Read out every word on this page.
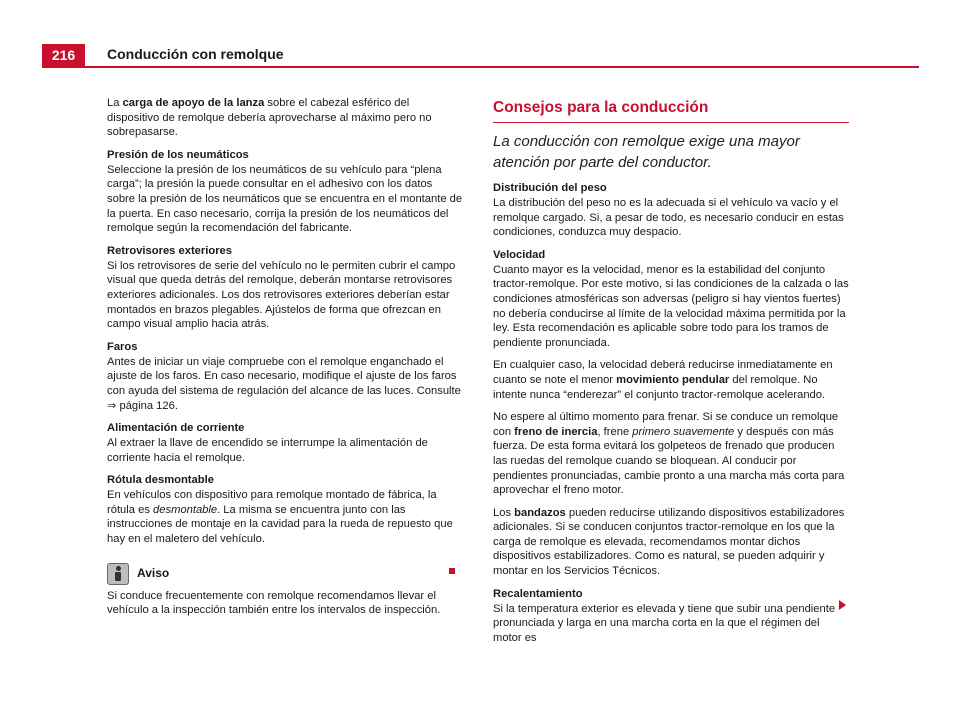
216	Conducción con remolque

La carga de apoyo de la lanza sobre el cabezal esférico del dispositivo de remolque debería aprovecharse al máximo pero no sobrepasarse.

Presión de los neumáticos

Seleccione la presión de los neumáticos de su vehículo para “plena carga”; la presión la puede consultar en el adhesivo con los datos sobre la presión de los neumáticos que se encuentra en el montante de la puerta. En caso necesario, corrija la presión de los neumáticos del remolque según la recomendación del fabricante.

Retrovisores exteriores

Si los retrovisores de serie del vehículo no le permiten cubrir el campo visual que queda detrás del remolque, deberán montarse retrovisores exteriores adicionales. Los dos retrovisores exteriores deberían estar montados en brazos plegables. Ajústelos de forma que ofrezcan en campo visual amplio hacia atrás.

Faros

Antes de iniciar un viaje compruebe con el remolque enganchado el ajuste de los faros. En caso necesario, modifique el ajuste de los faros con ayuda del sistema de regulación del alcance de las luces. Consulte ⇒ página 126.

Alimentación de corriente

Al extraer la llave de encendido se interrumpe la alimentación de corriente hacia el remolque.

Rótula desmontable

En vehículos con dispositivo para remolque montado de fábrica, la rótula es desmontable. La misma se encuentra junto con las instrucciones de montaje en la cavidad para la rueda de repuesto que hay en el maletero del vehículo.

Aviso

Si conduce frecuentemente con remolque recomendamos llevar el vehículo a la inspección también entre los intervalos de inspección.

Consejos para la conducción

La conducción con remolque exige una mayor atención por parte del conductor.

Distribución del peso

La distribución del peso no es la adecuada si el vehículo va vacío y el remolque cargado. Si, a pesar de todo, es necesario conducir en estas condiciones, conduzca muy despacio.

Velocidad

Cuanto mayor es la velocidad, menor es la estabilidad del conjunto tractor-remolque. Por este motivo, si las condiciones de la calzada o las condiciones atmosféricas son adversas (peligro si hay vientos fuertes) no debería conducirse al límite de la velocidad máxima permitida por la ley. Esta recomendación es aplicable sobre todo para los tramos de pendiente pronunciada.

En cualquier caso, la velocidad deberá reducirse inmediatamente en cuanto se note el menor movimiento pendular del remolque. No intente nunca “enderezar” el conjunto tractor-remolque acelerando.

No espere al último momento para frenar. Si se conduce un remolque con freno de inercia, frene primero suavemente y después con más fuerza. De esta forma evitará los golpeteos de frenado que producen las ruedas del remolque cuando se bloquean. Al conducir por pendientes pronunciadas, cambie pronto a una marcha más corta para aprovechar el freno motor.

Los bandazos pueden reducirse utilizando dispositivos estabilizadores adicionales. Si se conducen conjuntos tractor-remolque en los que la carga de remolque es elevada, recomendamos montar dichos dispositivos estabilizadores. Como es natural, se pueden adquirir y montar en los Servicios Técnicos.

Recalentamiento

Si la temperatura exterior es elevada y tiene que subir una pendiente pronunciada y larga en una marcha corta en la que el régimen del motor es
